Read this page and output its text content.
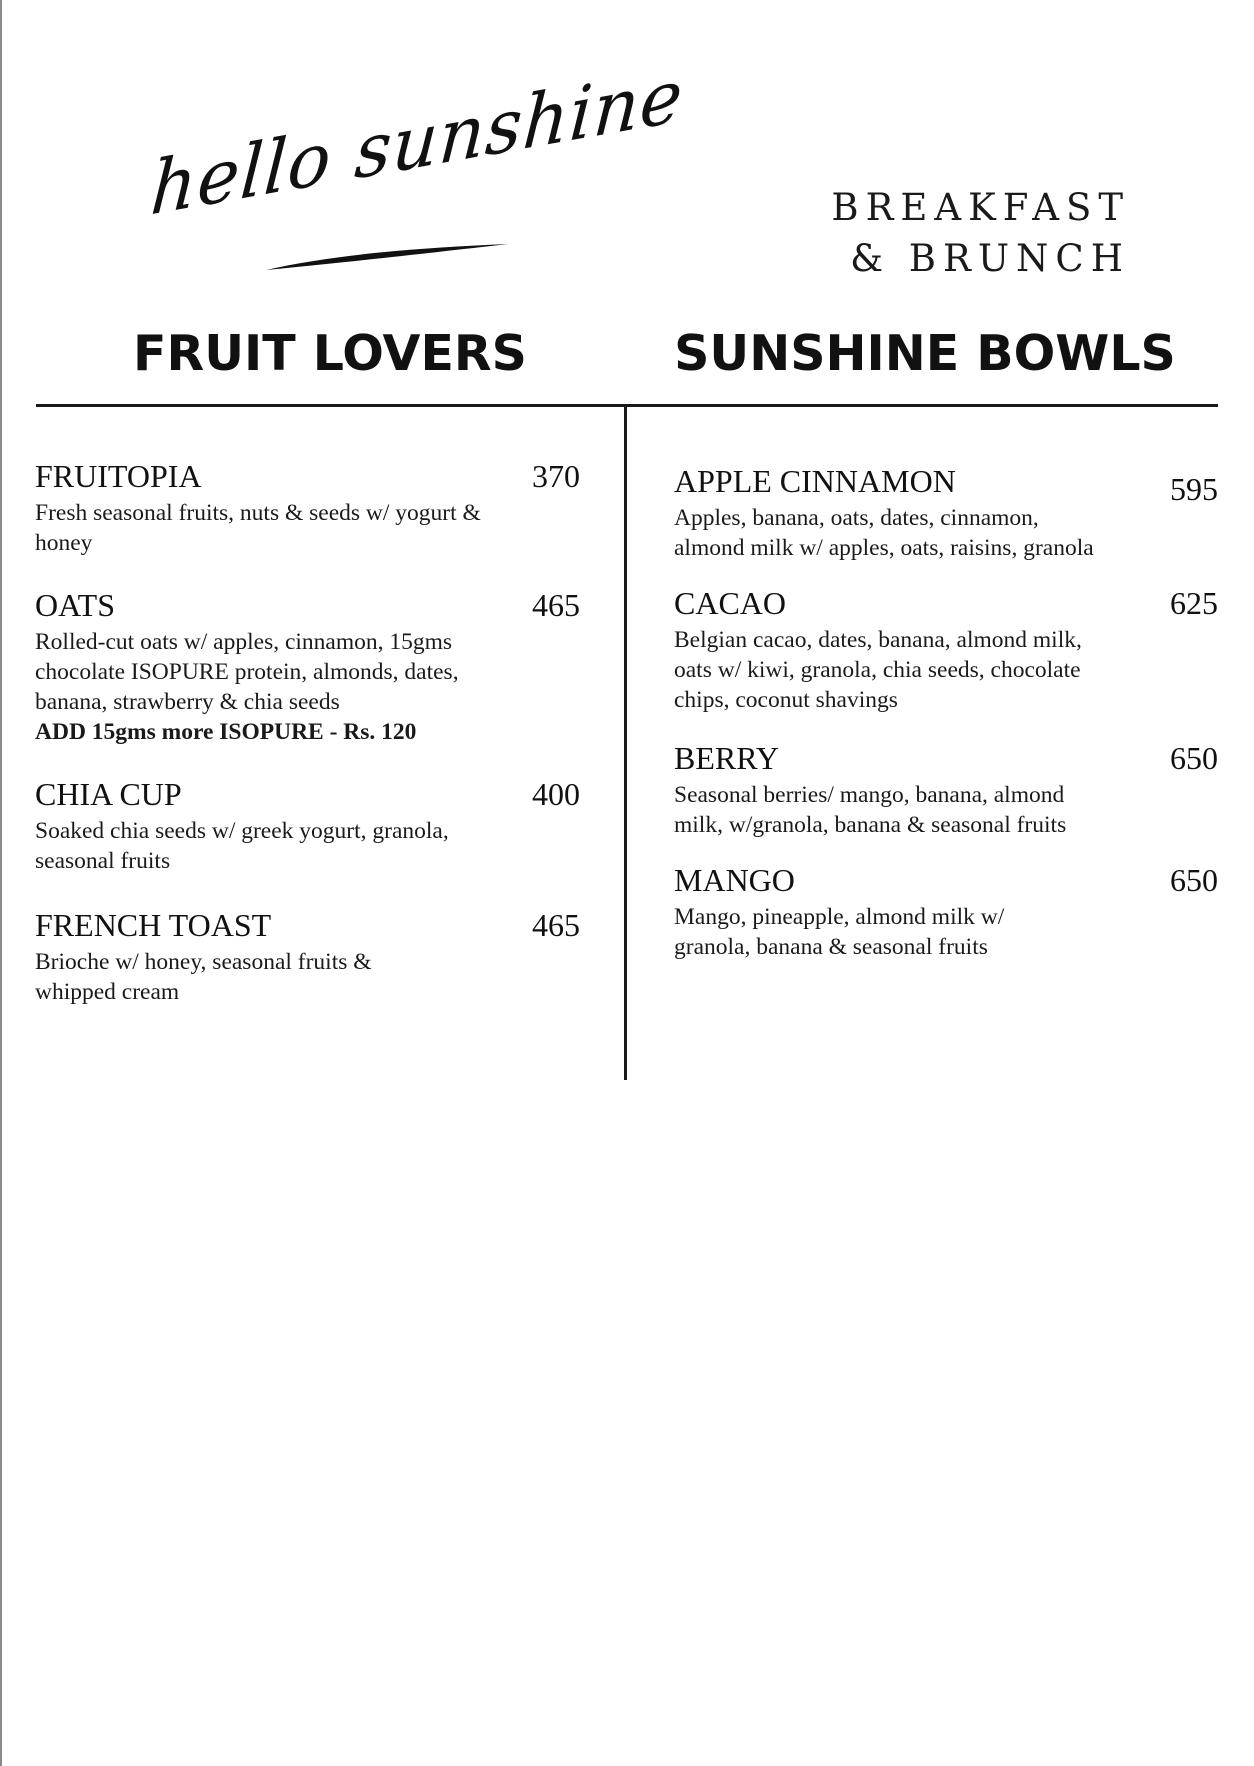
hello sunshine	BREAKFAST
& BRUNCH
FRUIT LOVERS	SUNSHINE BOWLS
FRUITOPIA	370
Fresh seasonal fruits, nuts & seeds w/ yogurt &
honey
OATS	465
Rolled-cut oats w/ apples, cinnamon, 15gms
chocolate ISOPURE protein, almonds, dates,
banana, strawberry & chia seeds
ADD 15gms more ISOPURE - Rs. 120
CHIA CUP	400
Soaked chia seeds w/ greek yogurt, granola,
seasonal fruits
FRENCH TOAST	465
Brioche w/ honey, seasonal fruits &
whipped cream
APPLE CINNAMON	595
Apples, banana, oats, dates, cinnamon,
almond milk w/ apples, oats, raisins, granola
CACAO	625
Belgian cacao, dates, banana, almond milk,
oats w/ kiwi, granola, chia seeds, chocolate
chips, coconut shavings
BERRY	650
Seasonal berries/ mango, banana, almond
milk, w/granola, banana & seasonal fruits
MANGO	650
Mango, pineapple, almond milk w/
granola, banana & seasonal fruits
